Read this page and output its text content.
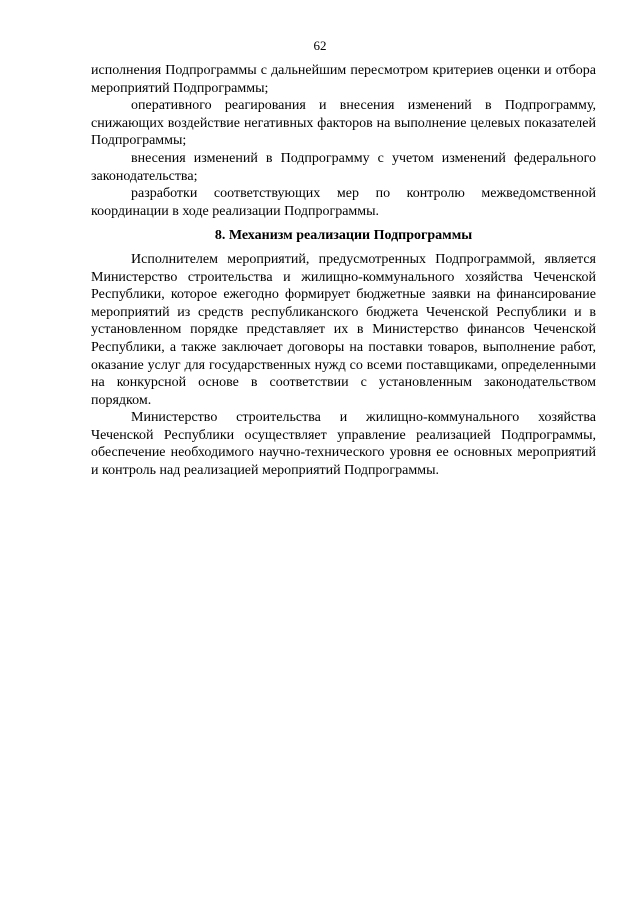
62

исполнения Подпрограммы с дальнейшим пересмотром критериев оценки и отбора мероприятий Подпрограммы;

оперативного реагирования и внесения изменений в Подпрограмму, снижающих воздействие негативных факторов на выполнение целевых показателей Подпрограммы;

внесения изменений в Подпрограмму с учетом изменений федерального законодательства;

разработки соответствующих мер по контролю межведомственной координации в ходе реализации Подпрограммы.

8. Механизм реализации Подпрограммы

Исполнителем мероприятий, предусмотренных Подпрограммой, является Министерство строительства и жилищно-коммунального хозяйства Чеченской Республики, которое ежегодно формирует бюджетные заявки на финансирование мероприятий из средств республиканского бюджета Чеченской Республики и в установленном порядке представляет их в Министерство финансов Чеченской Республики, а также заключает договоры на поставки товаров, выполнение работ, оказание услуг для государственных нужд со всеми поставщиками, определенными на конкурсной основе в соответствии с установленным законодательством порядком.

Министерство строительства и жилищно-коммунального хозяйства Чеченской Республики осуществляет управление реализацией Подпрограммы, обеспечение необходимого научно-технического уровня ее основных мероприятий и контроль над реализацией мероприятий Подпрограммы.
